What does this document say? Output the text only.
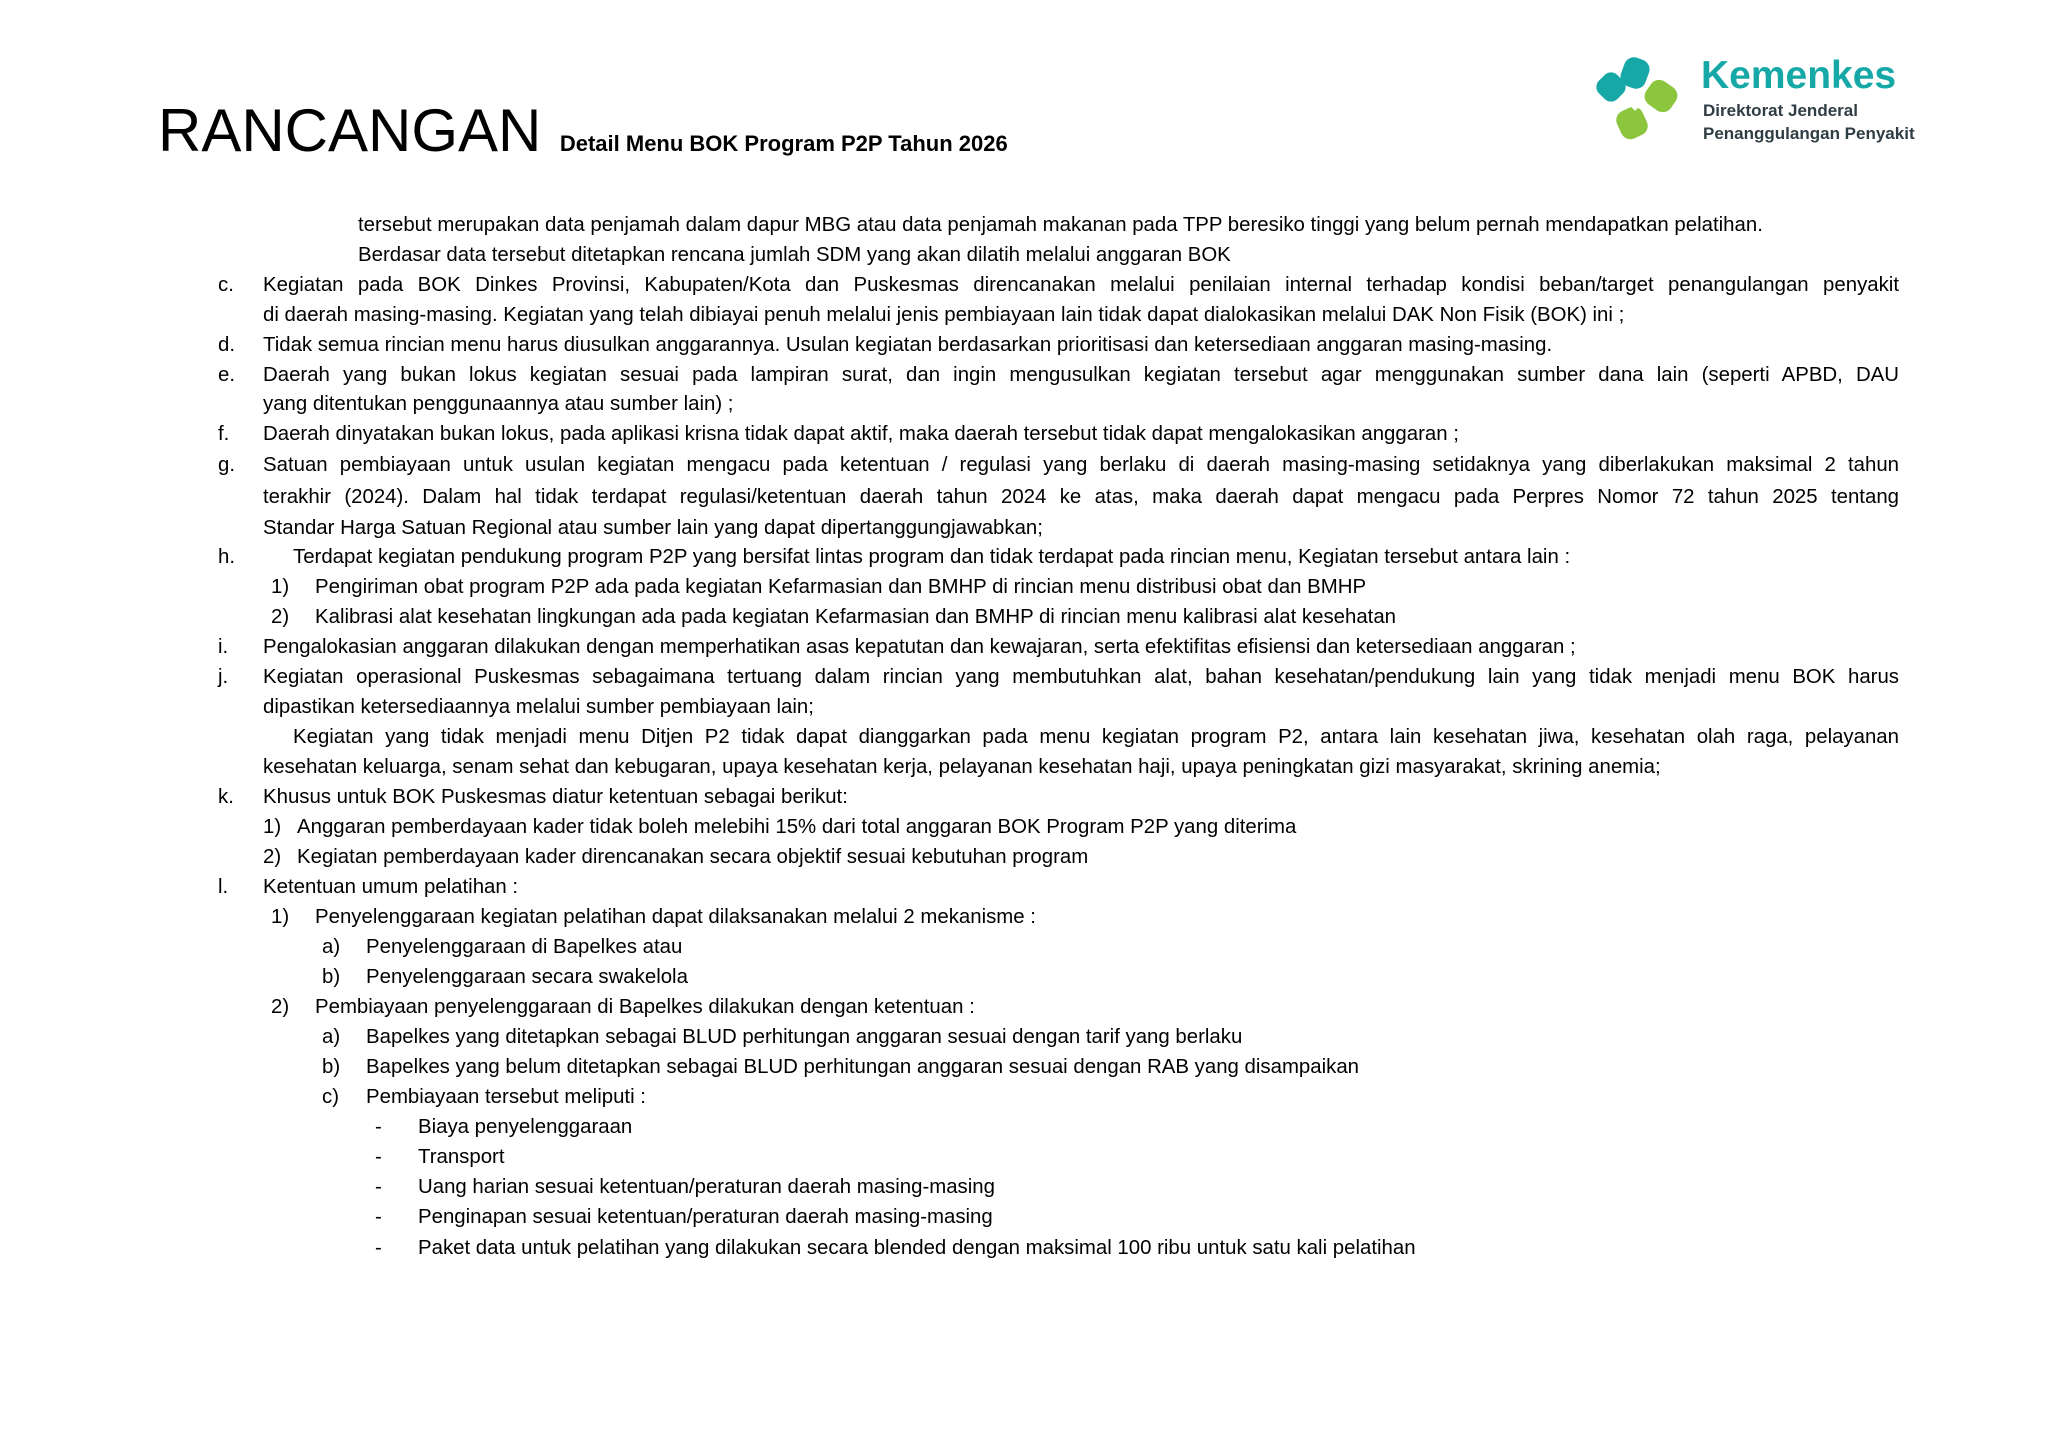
RANCANGAN Detail Menu BOK Program P2P Tahun 2026
Kemenkes
Direktorat Jenderal
Penanggulangan Penyakit
tersebut merupakan data penjamah dalam dapur MBG atau data penjamah makanan pada TPP beresiko tinggi yang belum pernah mendapatkan pelatihan.
Berdasar data tersebut ditetapkan rencana jumlah SDM yang akan dilatih melalui anggaran BOK
c. Kegiatan pada BOK Dinkes Provinsi, Kabupaten/Kota dan Puskesmas direncanakan melalui penilaian internal terhadap kondisi beban/target penangulangan penyakit
di daerah masing-masing. Kegiatan yang telah dibiayai penuh melalui jenis pembiayaan lain tidak dapat dialokasikan melalui DAK Non Fisik (BOK) ini ;
d. Tidak semua rincian menu harus diusulkan anggarannya. Usulan kegiatan berdasarkan prioritisasi dan ketersediaan anggaran masing-masing.
e. Daerah yang bukan lokus kegiatan sesuai pada lampiran surat, dan ingin mengusulkan kegiatan tersebut agar menggunakan sumber dana lain (seperti APBD, DAU
yang ditentukan penggunaannya atau sumber lain) ;
f. Daerah dinyatakan bukan lokus, pada aplikasi krisna tidak dapat aktif, maka daerah tersebut tidak dapat mengalokasikan anggaran ;
g. Satuan pembiayaan untuk usulan kegiatan mengacu pada ketentuan / regulasi yang berlaku di daerah masing-masing setidaknya yang diberlakukan maksimal 2 tahun
terakhir (2024). Dalam hal tidak terdapat regulasi/ketentuan daerah tahun 2024 ke atas, maka daerah dapat mengacu pada Perpres Nomor 72 tahun 2025 tentang
Standar Harga Satuan Regional atau sumber lain yang dapat dipertanggungjawabkan;
h.	Terdapat kegiatan pendukung program P2P yang bersifat lintas program dan tidak terdapat pada rincian menu, Kegiatan tersebut antara lain :
1) Pengiriman obat program P2P ada pada kegiatan Kefarmasian dan BMHP di rincian menu distribusi obat dan BMHP
2) Kalibrasi alat kesehatan lingkungan ada pada kegiatan Kefarmasian dan BMHP di rincian menu kalibrasi alat kesehatan
i. Pengalokasian anggaran dilakukan dengan memperhatikan asas kepatutan dan kewajaran, serta efektifitas efisiensi dan ketersediaan anggaran ;
j. Kegiatan operasional Puskesmas sebagaimana tertuang dalam rincian yang membutuhkan alat, bahan kesehatan/pendukung lain yang tidak menjadi menu BOK harus
dipastikan ketersediaannya melalui sumber pembiayaan lain;
Kegiatan yang tidak menjadi menu Ditjen P2 tidak dapat dianggarkan pada menu kegiatan program P2, antara lain kesehatan jiwa, kesehatan olah raga, pelayanan
kesehatan keluarga, senam sehat dan kebugaran, upaya kesehatan kerja, pelayanan kesehatan haji, upaya peningkatan gizi masyarakat, skrining anemia;
k. Khusus untuk BOK Puskesmas diatur ketentuan sebagai berikut:
1) Anggaran pemberdayaan kader tidak boleh melebihi 15% dari total anggaran BOK Program P2P yang diterima
2) Kegiatan pemberdayaan kader direncanakan secara objektif sesuai kebutuhan program
l. Ketentuan umum pelatihan :
1) Penyelenggaraan kegiatan pelatihan dapat dilaksanakan melalui 2 mekanisme :
a) Penyelenggaraan di Bapelkes atau
b) Penyelenggaraan secara swakelola
2) Pembiayaan penyelenggaraan di Bapelkes dilakukan dengan ketentuan :
a) Bapelkes yang ditetapkan sebagai BLUD perhitungan anggaran sesuai dengan tarif yang berlaku
b) Bapelkes yang belum ditetapkan sebagai BLUD perhitungan anggaran sesuai dengan RAB yang disampaikan
c) Pembiayaan tersebut meliputi :
- Biaya penyelenggaraan
- Transport
- Uang harian sesuai ketentuan/peraturan daerah masing-masing
- Penginapan sesuai ketentuan/peraturan daerah masing-masing
- Paket data untuk pelatihan yang dilakukan secara blended dengan maksimal 100 ribu untuk satu kali pelatihan
